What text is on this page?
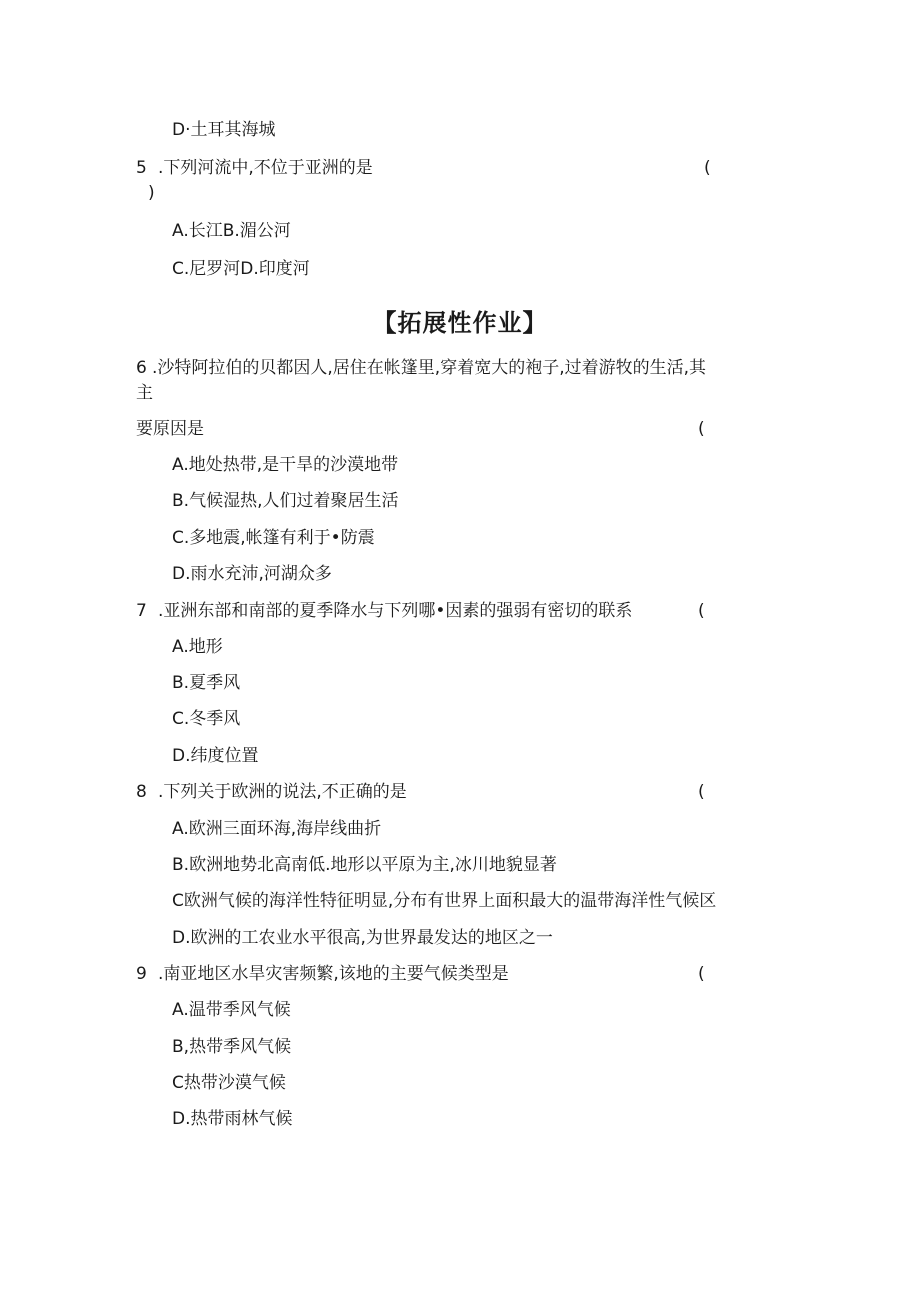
D·土耳其海城
5 .下列河流中,不位于亚洲的是	(
)
A.长江B.湄公河
C.尼罗河D.印度河
【拓展性作业】
6 .沙特阿拉伯的贝都因人,居住在帐篷里,穿着宽大的袍子,过着游牧的生活,其
主
要原因是	(
A.地处热带,是干旱的沙漠地带
B.气候湿热,人们过着聚居生活
C.多地震,帐篷有利于•防震
D.雨水充沛,河湖众多
7 .亚洲东部和南部的夏季降水与下列哪•因素的强弱有密切的联系	(
A.地形
B.夏季风
C.冬季风
D.纬度位置
8 .下列关于欧洲的说法,不正确的是	(
A.欧洲三面环海,海岸线曲折
B.欧洲地势北高南低.地形以平原为主,冰川地貌显著
C欧洲气候的海洋性特征明显,分布有世界上面积最大的温带海洋性气候区
D.欧洲的工农业水平很高,为世界最发达的地区之一
9 .南亚地区水旱灾害频繁,该地的主要气候类型是	(
A.温带季风气候
B,热带季风气候
C热带沙漠气候
D.热带雨林气候
